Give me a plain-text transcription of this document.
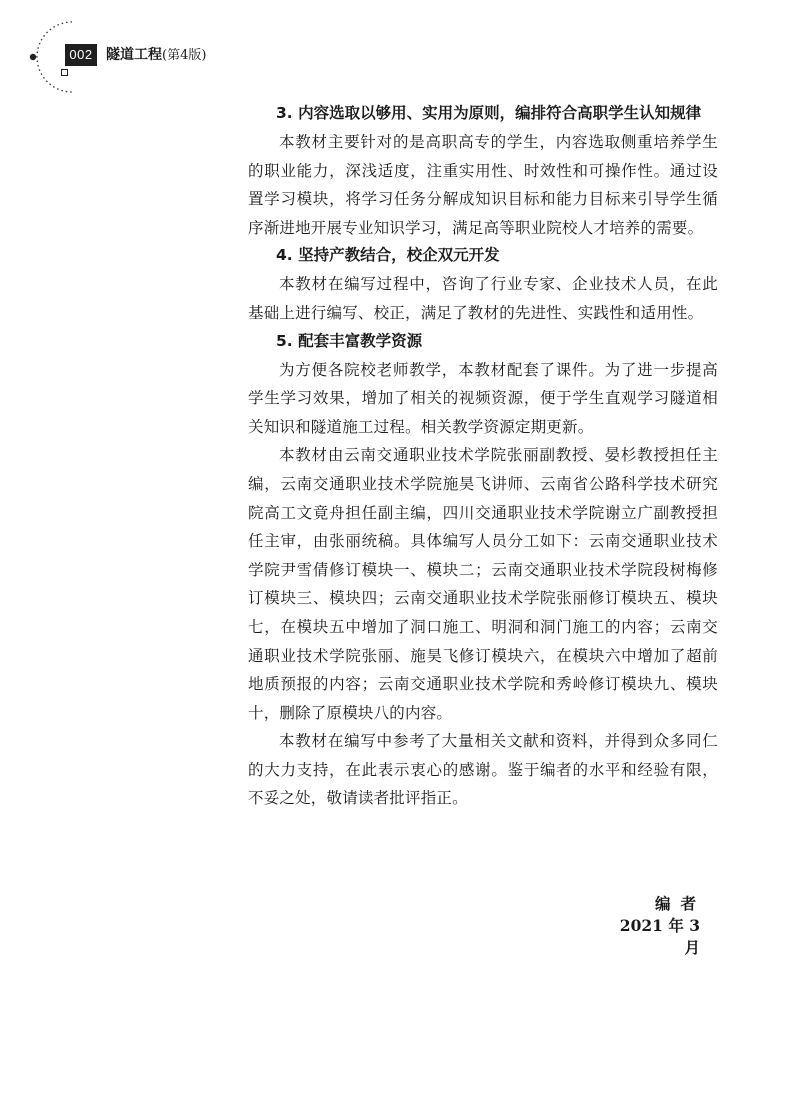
002 隧道工程(第4版)
3. 内容选取以够用、实用为原则，编排符合高职学生认知规律

本教材主要针对的是高职高专的学生，内容选取侧重培养学生的职业能力，深浅适度，注重实用性、时效性和可操作性。通过设置学习模块，将学习任务分解成知识目标和能力目标来引导学生循序渐进地开展专业知识学习，满足高等职业院校人才培养的需要。

4. 坚持产教结合，校企双元开发

本教材在编写过程中，咨询了行业专家、企业技术人员，在此基础上进行编写、校正，满足了教材的先进性、实践性和适用性。

5. 配套丰富教学资源

为方便各院校老师教学，本教材配套了课件。为了进一步提高学生学习效果，增加了相关的视频资源，便于学生直观学习隧道相关知识和隧道施工过程。相关教学资源定期更新。

本教材由云南交通职业技术学院张丽副教授、晏杉教授担任主编，云南交通职业技术学院施昊飞讲师、云南省公路科学技术研究院高工文竟舟担任副主编，四川交通职业技术学院谢立广副教授担任主审，由张丽统稿。具体编写人员分工如下：云南交通职业技术学院尹雪倩修订模块一、模块二；云南交通职业技术学院段树梅修订模块三、模块四；云南交通职业技术学院张丽修订模块五、模块七，在模块五中增加了洞口施工、明洞和洞门施工的内容；云南交通职业技术学院张丽、施昊飞修订模块六，在模块六中增加了超前地质预报的内容；云南交通职业技术学院和秀岭修订模块九、模块十，删除了原模块八的内容。

本教材在编写中参考了大量相关文献和资料，并得到众多同仁的大力支持，在此表示衷心的感谢。鉴于编者的水平和经验有限，不妥之处，敬请读者批评指正。

编者
2021 年 3 月
